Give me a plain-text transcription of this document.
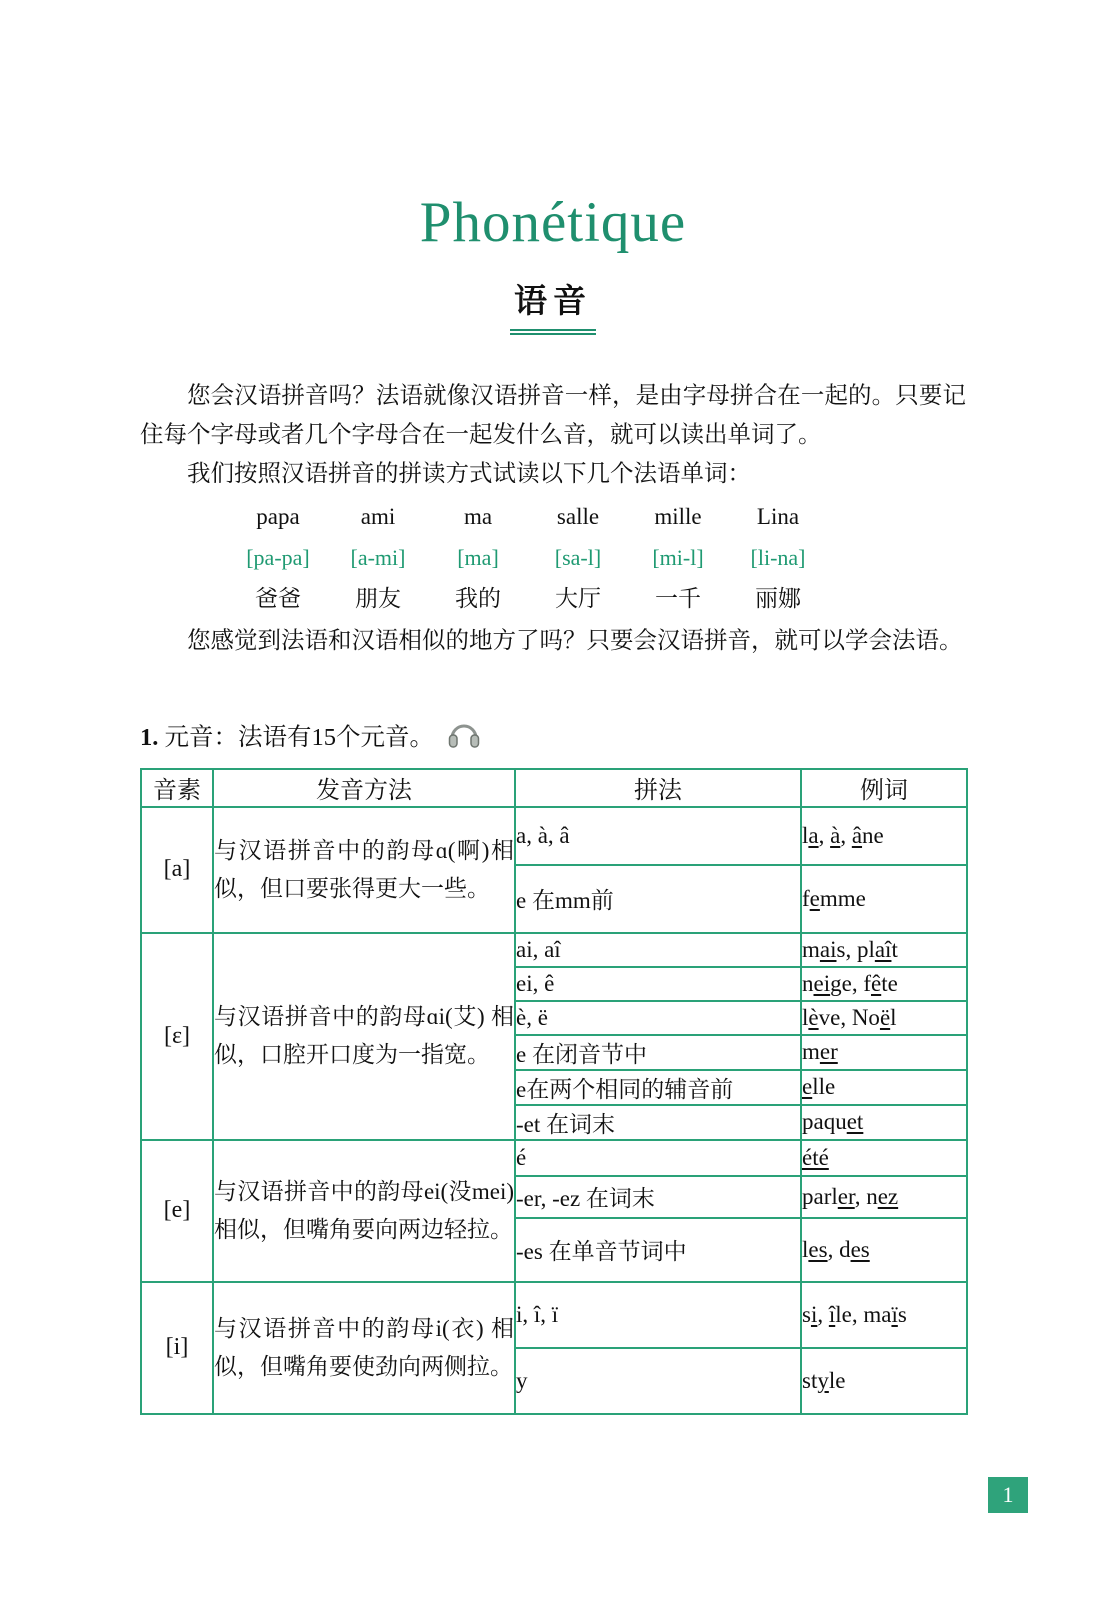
Phonétique
语音

您会汉语拼音吗？法语就像汉语拼音一样，是由字母拼合在一起的。只要记住每个字母或者几个字母合在一起发什么音，就可以读出单词了。

我们按照汉语拼音的拼读方式试读以下几个法语单词：

papa	ami	ma	salle	mille	Lina
[pa-pa]	[a-mi]	[ma]	[sa-l]	[mi-l]	[li-na]
爸爸	朋友	我的	大厅	一千	丽娜

您感觉到法语和汉语相似的地方了吗？只要会汉语拼音，就可以学会法语。

1. 元音：法语有15个元音。
音素	发音方法	拼法	例词
[a]	与汉语拼音中的韵母ɑ(啊)相似，但口要张得更大一些。	a, à, â	la, à, âne
		e 在mm前	femme
[ɛ]	与汉语拼音中的韵母ɑi(艾) 相似，口腔开口度为一指宽。	ai, aî	mais, plaît
		ei, ê	neige, fête
		è, ë	lève, Noël
		e 在闭音节中	mer
		e在两个相同的辅音前	elle
		-et 在词末	paquet
[e]	与汉语拼音中的韵母ei(没mei) 相似，但嘴角要向两边轻拉。	é	été
		-er, -ez 在词末	parler, nez
		-es 在单音节词中	les, des
[i]	与汉语拼音中的韵母i(衣) 相似，但嘴角要使劲向两侧拉。	i, î, ï	si, île, maïs
		y	style
1
